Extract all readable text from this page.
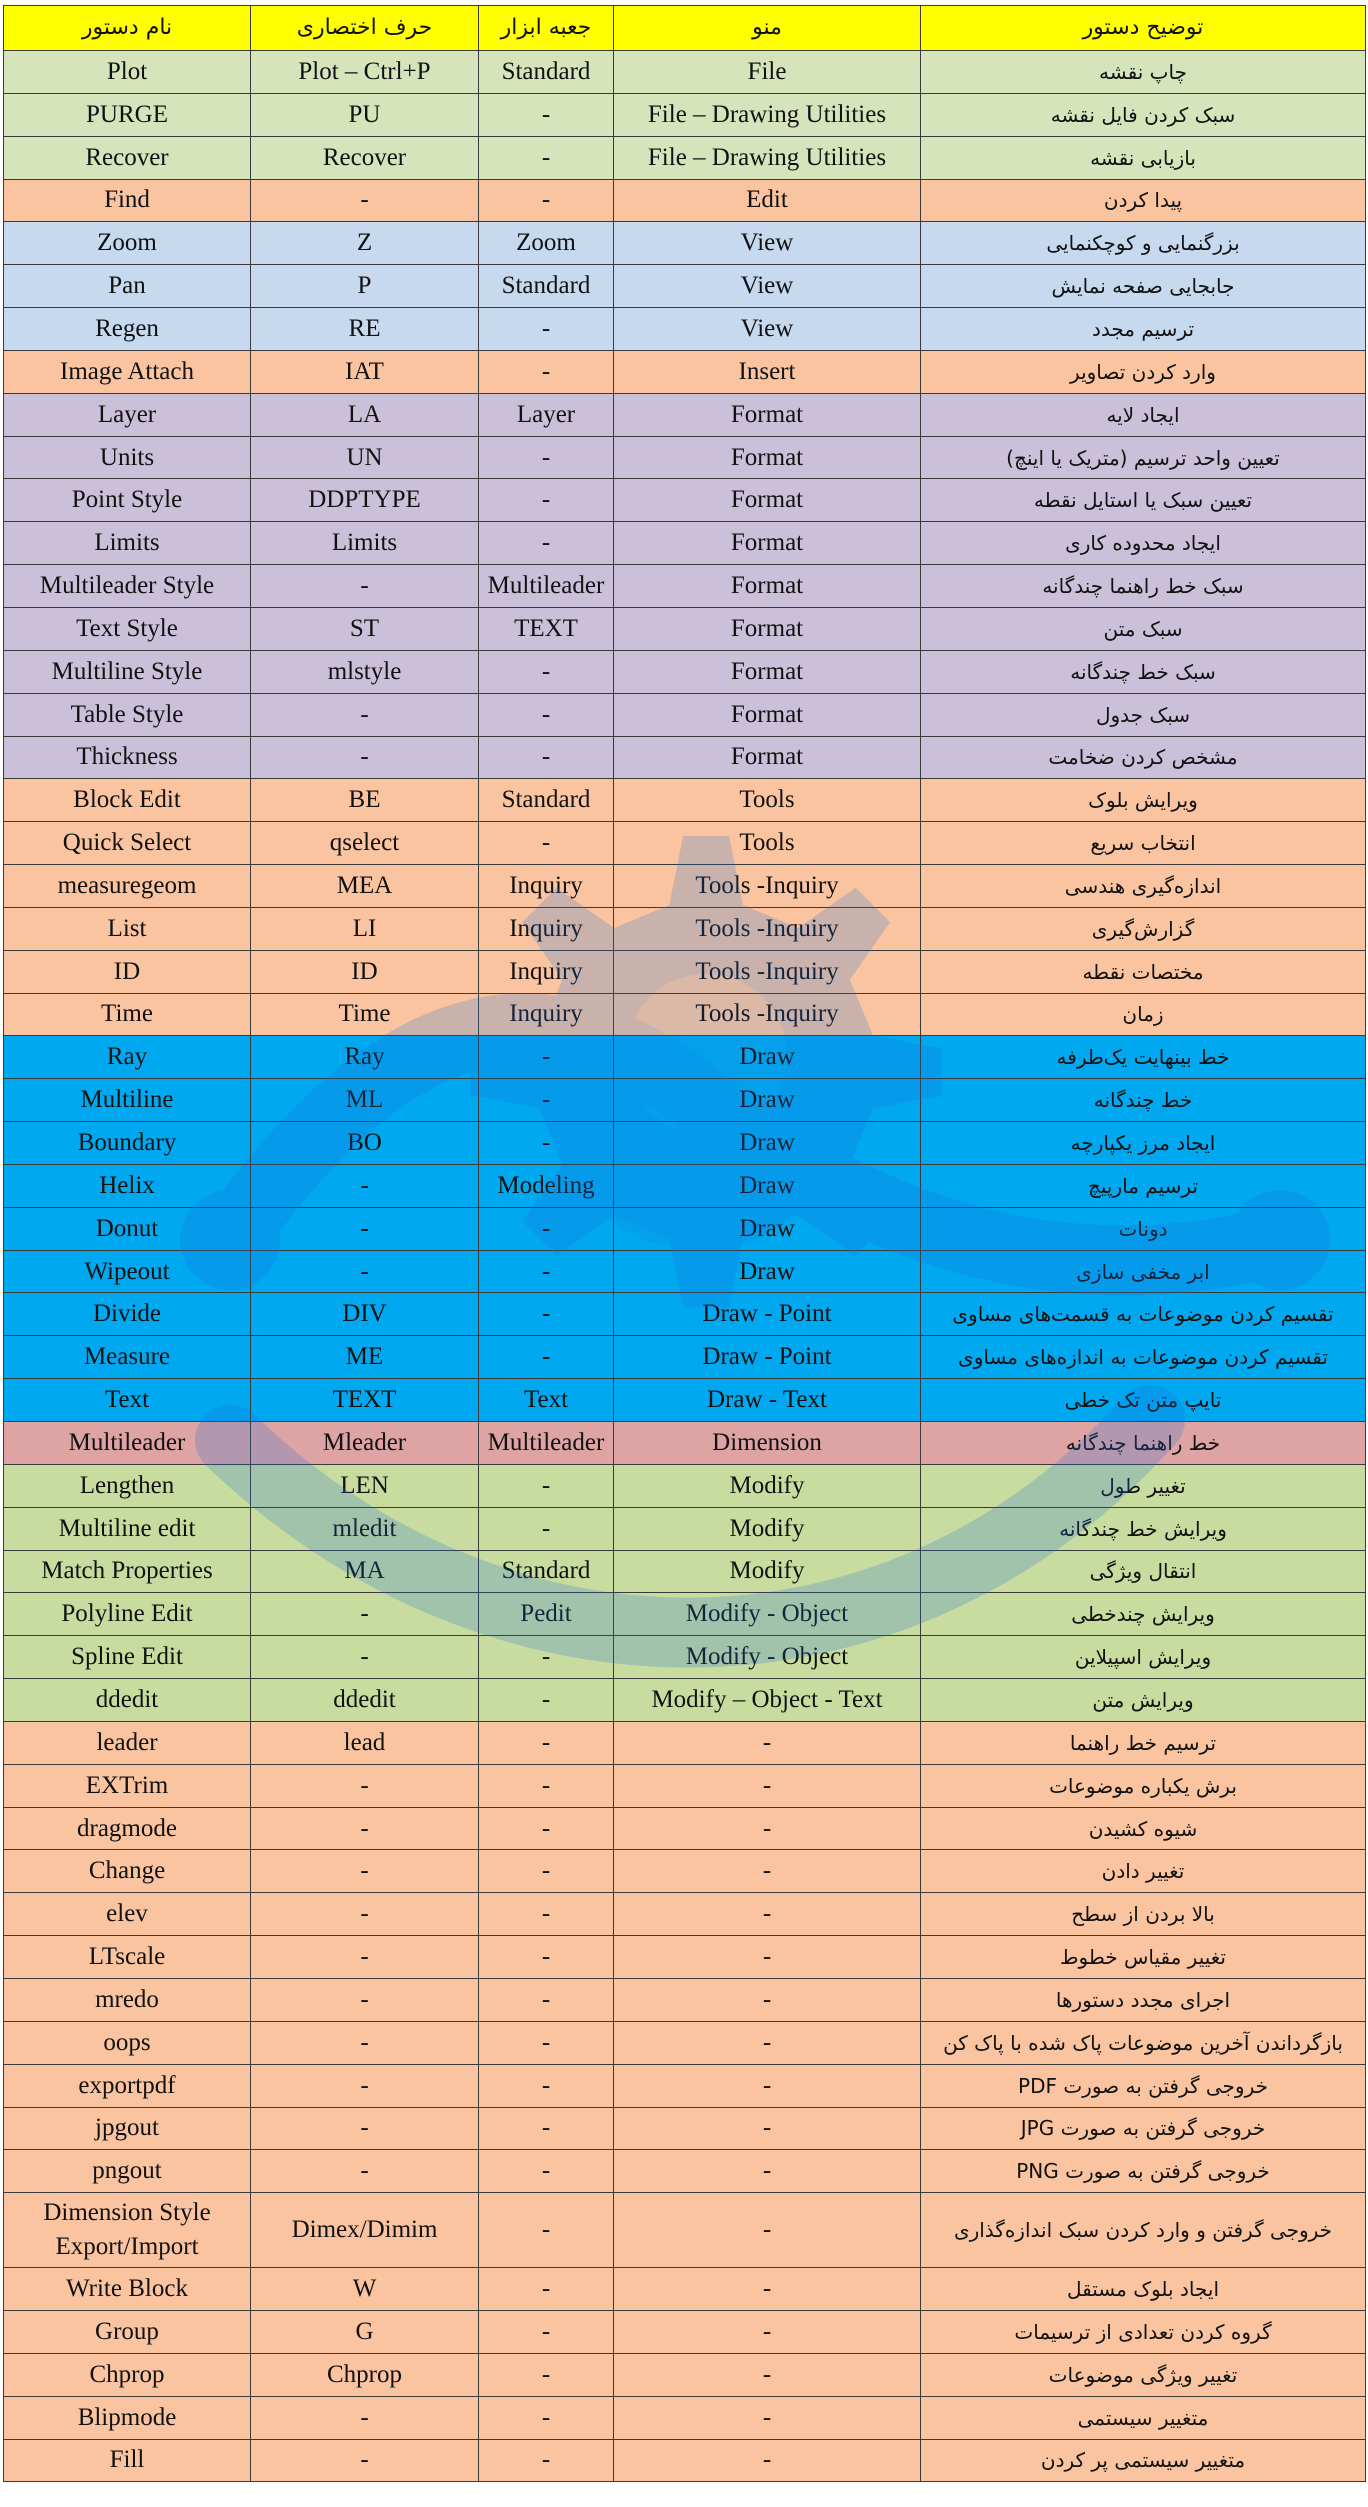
نام دستور	حرف اختصاری	جعبه ابزار	منو	توضیح دستور
Plot	Plot – Ctrl+P	Standard	File	چاپ نقشه
PURGE	PU	-	File – Drawing Utilities	سبک کردن فایل نقشه
Recover	Recover	-	File – Drawing Utilities	بازیابی نقشه
Find	-	-	Edit	پیدا کردن
Zoom	Z	Zoom	View	بزرگنمایی و کوچکنمایی
Pan	P	Standard	View	جابجایی صفحه نمایش
Regen	RE	-	View	ترسیم مجدد
Image Attach	IAT	-	Insert	وارد کردن تصاویر
Layer	LA	Layer	Format	ایجاد لایه
Units	UN	-	Format	تعیین واحد ترسیم (متریک یا اینچ)
Point Style	DDPTYPE	-	Format	تعیین سبک یا استایل نقطه
Limits	Limits	-	Format	ایجاد محدوده کاری
Multileader Style	-	Multileader	Format	سبک خط راهنما چندگانه
Text Style	ST	TEXT	Format	سبک متن
Multiline Style	mlstyle	-	Format	سبک خط چندگانه
Table Style	-	-	Format	سبک جدول
Thickness	-	-	Format	مشخص کردن ضخامت
Block Edit	BE	Standard	Tools	ویرایش بلوک
Quick Select	qselect	-	Tools	انتخاب سریع
measuregeom	MEA	Inquiry	Tools -Inquiry	اندازه‌گیری هندسی
List	LI	Inquiry	Tools -Inquiry	گزارش‌گیری
ID	ID	Inquiry	Tools -Inquiry	مختصات نقطه
Time	Time	Inquiry	Tools -Inquiry	زمان
Ray	Ray	-	Draw	خط بینهایت یک‌طرفه
Multiline	ML	-	Draw	خط چندگانه
Boundary	BO	-	Draw	ایجاد مرز یکپارچه
Helix	-	Modeling	Draw	ترسیم مارپیچ
Donut	-	-	Draw	دونات
Wipeout	-	-	Draw	ابر مخفی سازی
Divide	DIV	-	Draw - Point	تقسیم کردن موضوعات به قسمت‌های مساوی
Measure	ME	-	Draw - Point	تقسیم کردن موضوعات به اندازه‌های مساوی
Text	TEXT	Text	Draw - Text	تایپ متن تک خطی
Multileader	Mleader	Multileader	Dimension	خط راهنما چندگانه
Lengthen	LEN	-	Modify	تغییر طول
Multiline edit	mledit	-	Modify	ویرایش خط چندگانه
Match Properties	MA	Standard	Modify	انتقال ویژگی
Polyline Edit	-	Pedit	Modify - Object	ویرایش چندخطی
Spline Edit	-	-	Modify - Object	ویرایش اسپیلاین
ddedit	ddedit	-	Modify – Object - Text	ویرایش متن
leader	lead	-	-	ترسیم خط راهنما
EXTrim	-	-	-	برش یکباره موضوعات
dragmode	-	-	-	شیوه کشیدن
Change	-	-	-	تغییر دادن
elev	-	-	-	بالا بردن از سطح
LTscale	-	-	-	تغییر مقیاس خطوط
mredo	-	-	-	اجرای مجدد دستورها
oops	-	-	-	بازگرداندن آخرین موضوعات پاک شده با پاک کن
exportpdf	-	-	-	خروجی گرفتن به صورت PDF
jpgout	-	-	-	خروجی گرفتن به صورت JPG
pngout	-	-	-	خروجی گرفتن به صورت PNG
Dimension Style Export/Import	Dimex/Dimim	-	-	خروجی گرفتن و وارد کردن سبک اندازه‌گذاری
Write Block	W	-	-	ایجاد بلوک مستقل
Group	G	-	-	گروه کردن تعدادی از ترسیمات
Chprop	Chprop	-	-	تغییر ویژگی موضوعات
Blipmode	-	-	-	متغییر سیستمی
Fill	-	-	-	متغییر سیستمی پر کردن
